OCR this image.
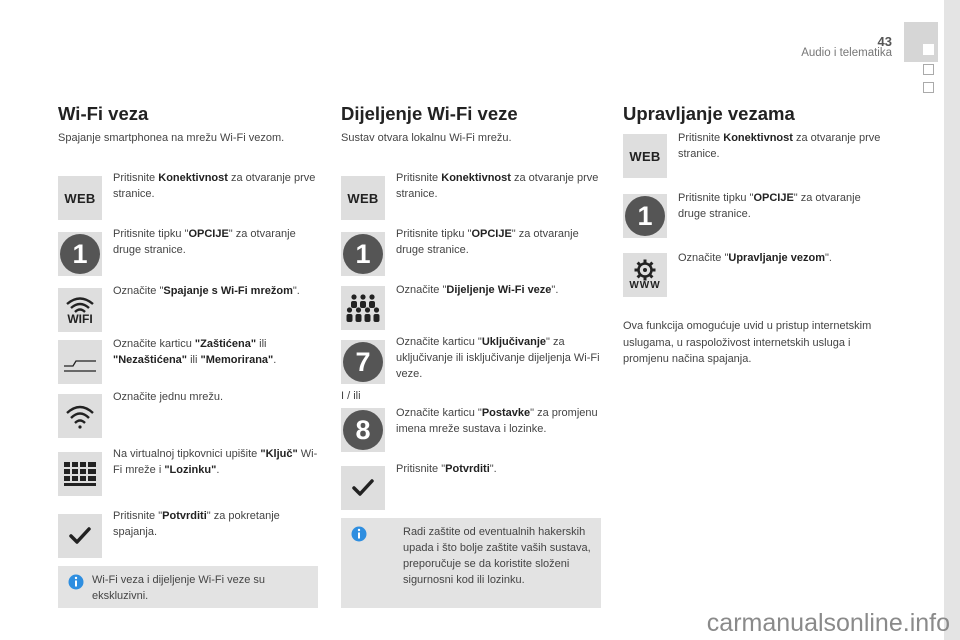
43
Audio i telematika
Wi-Fi veza
Spajanje smartphonea na mrežu Wi-Fi vezom.
WEB
Pritisnite Konektivnost za otvaranje prve stranice.
1
Pritisnite tipku "OPCIJE" za otvaranje druge stranice.
WIFI
Označite "Spajanje s Wi-Fi mrežom".
Označite karticu "Zaštićena" ili "Nezaštićena" ili "Memorirana".
Označite jednu mrežu.
Na virtualnoj tipkovnici upišite "Ključ" Wi-Fi mreže i "Lozinku".
Pritisnite "Potvrditi" za pokretanje spajanja.
Wi-Fi veza i dijeljenje Wi-Fi veze su ekskluzivni.
Dijeljenje Wi-Fi veze
Sustav otvara lokalnu Wi-Fi mrežu.
WEB
Pritisnite Konektivnost za otvaranje prve stranice.
1
Pritisnite tipku "OPCIJE" za otvaranje druge stranice.
Označite "Dijeljenje Wi-Fi veze".
7
Označite karticu "Uključivanje" za uključivanje ili isključivanje dijeljenja Wi-Fi veze.
I / ili
8
Označite karticu "Postavke" za promjenu imena mreže sustava i lozinke.
Pritisnite "Potvrditi".
Radi zaštite od eventualnih hakerskih upada i što bolje zaštite vaših sustava, preporučuje se da koristite složeni sigurnosni kod ili lozinku.
Upravljanje vezama
WEB
Pritisnite Konektivnost za otvaranje prve stranice.
1
Pritisnite tipku "OPCIJE" za otvaranje druge stranice.
WWW
Označite "Upravljanje vezom".
Ova funkcija omogućuje uvid u pristup internetskim uslugama, u raspoloživost internetskih usluga i promjenu načina spajanja.
carmanualsonline.info
